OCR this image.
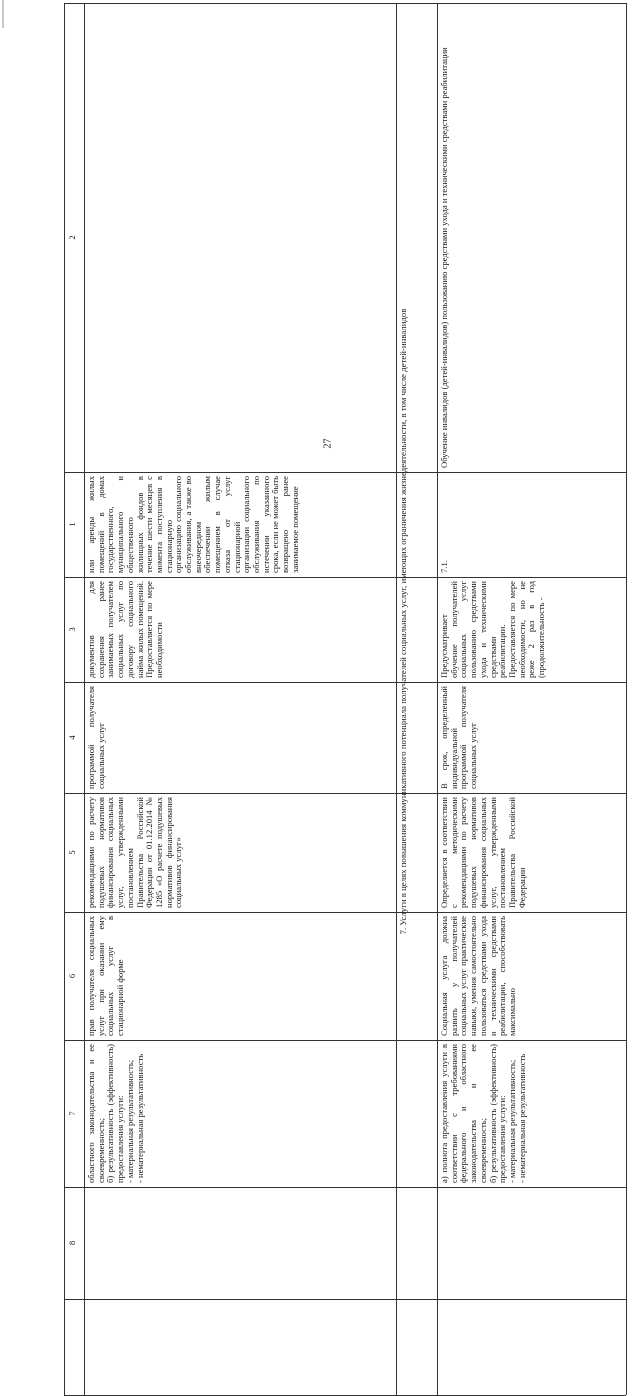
27
1
2
3
4
5
6
7
8

или аренды жилых помещений в домах государственного, муниципального и общественного жилищных фондов в течение шести месяцев с момента поступления в стационарную организацию социального обслуживания, а также во внеочередном обеспечении жилым помещением в случае отказа от услуг стационарной организации социального обслуживания по истечении указанного срока, если не может быть возвращено ранее занимаемое помещение

документов для сохранения ранее занимаемых получателем социальных услуг по договору социального найма жилых помещений. Предоставляется по мере необходимости

программой получателя социальных услуг

рекомендациями по расчету подушевых нормативов финансирования социальных услуг, утвержденными постановлением Правительства Российской Федерации от 01.12.2014 № 1285 «О расчете подушевых нормативов финансирования социальных услуг»

прав получателя социальных услуг при оказании ему социальных услуг в стационарной форме

областного законодательства и ее своевременность; б) результативность (эффективность) предоставления услуги: - материальная результативность; - нематериальная результативность

7. Услуги в целях повышения коммуникативного потенциала получателей социальных услуг, имеющих ограничения жизнедеятельности, в том числе детей-инвалидов	7.1.

Обучение инвалидов (детей-инвалидов) пользованию средствами ухода и техническими средствами реабилитации

Предусматривает обучение получателей социальных услуг пользованию средствами ухода и техническими средствами реабилитации. Предоставляется по мере необходимости, но не реже 2 раз в год (продолжительность -

В срок, определенный индивидуальной программой получателя социальных услуг

Определяется в соответствии с методическими рекомендациями по расчету подушевых нормативов финансирования социальных услуг, утвержденными постановлением Правительства Российской Федерации

Социальная услуга должна развить у получателей социальных услуг практические навыки, умения самостоятельно пользоваться средствами ухода и техническими средствами реабилитации, способствовать максимально

а) полнота предоставления услуги в соответствии с требованиями федерального и областного законодательства и ее своевременность; б) результативность (эффективность) предоставления услуги: - материальная результативность; - нематериальная результативность
